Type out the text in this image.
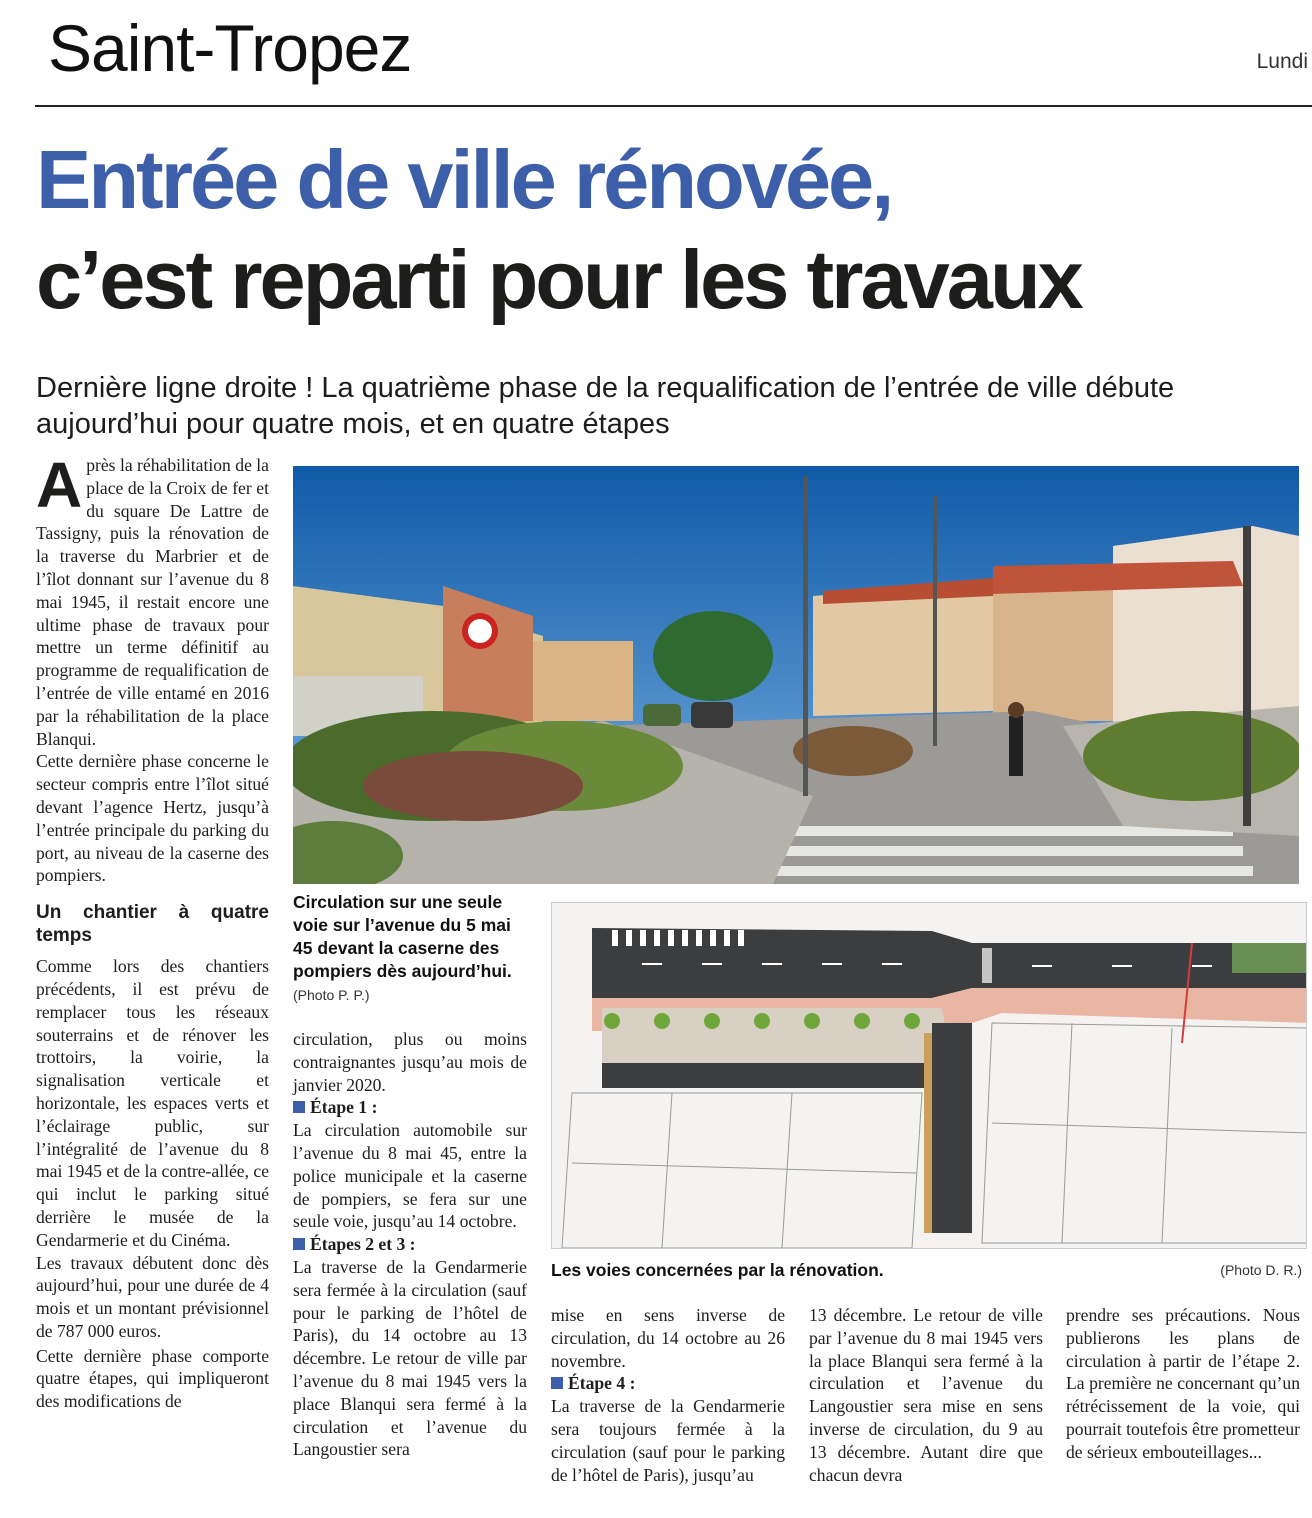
Saint-Tropez	Lundi
Entrée de ville rénovée,
c’est reparti pour les travaux

Dernière ligne droite ! La quatrième phase de la requalification de l’entrée de ville débute aujourd’hui pour quatre mois, et en quatre étapes

Après la réhabilitation de la place de la Croix de fer et du square De Lattre de Tassigny, puis la rénovation de la traverse du Marbrier et de l’îlot donnant sur l’avenue du 8 mai 1945, il restait encore une ultime phase de travaux pour mettre un terme définitif au programme de requalification de l’entrée de ville entamé en 2016 par la réhabilitation de la place Blanqui.

Cette dernière phase concerne le secteur compris entre l’îlot situé devant l’agence Hertz, jusqu’à l’entrée principale du parking du port, au niveau de la caserne des pompiers.

Un chantier à quatre temps

Comme lors des chantiers précédents, il est prévu de remplacer tous les réseaux souterrains et de rénover les trottoirs, la voirie, la signalisation verticale et horizontale, les espaces verts et l’éclairage public, sur l’intégralité de l’avenue du 8 mai 1945 et de la contre-allée, ce qui inclut le parking situé derrière le musée de la Gendarmerie et du Cinéma.

Les travaux débutent donc dès aujourd’hui, pour une durée de 4 mois et un montant prévisionnel de 787 000 euros.

Cette dernière phase comporte quatre étapes, qui impliqueront des modifications de

Circulation sur une seule voie sur l’avenue du 5 mai 45 devant la caserne des pompiers dès aujourd’hui. (Photo P. P.)

circulation, plus ou moins contraignantes jusqu’au mois de janvier 2020.

Étape 1 :

La circulation automobile sur l’avenue du 8 mai 45, entre la police municipale et la caserne de pompiers, se fera sur une seule voie, jusqu’au 14 octobre.

Étapes 2 et 3 :

La traverse de la Gendarmerie sera fermée à la circulation (sauf pour le parking de l’hôtel de Paris), du 14 octobre au 13 décembre. Le retour de ville par l’avenue du 8 mai 1945 vers la place Blanqui sera fermé à la circulation et l’avenue du Langoustier sera

Les voies concernées par la rénovation.	(Photo D. R.)

mise en sens inverse de circulation, du 14 octobre au 26 novembre.

Étape 4 :

La traverse de la Gendarmerie sera toujours fermée à la circulation (sauf pour le parking de l’hôtel de Paris), jusqu’au

13 décembre. Le retour de ville par l’avenue du 8 mai 1945 vers la place Blanqui sera fermé à la circulation et l’avenue du Langoustier sera mise en sens inverse de circulation, du 9 au 13 décembre. Autant dire que chacun devra

prendre ses précautions. Nous publierons les plans de circulation à partir de l’étape 2. La première ne concernant qu’un rétrécissement de la voie, qui pourrait toutefois être prometteur de sérieux embouteillages...
